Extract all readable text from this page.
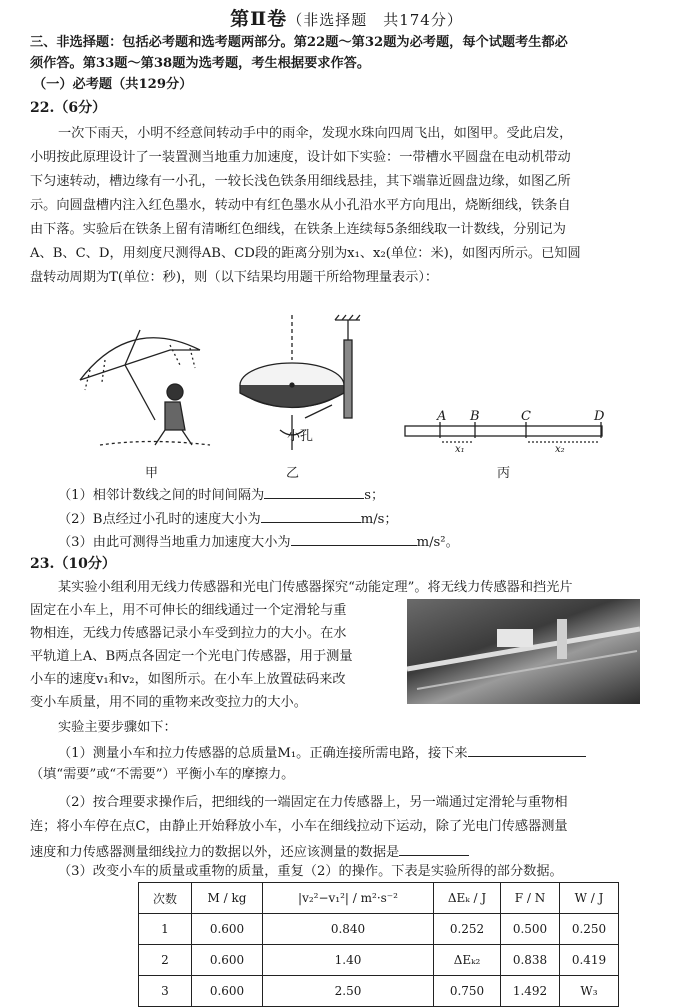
第Ⅱ卷（非选择题　共174分）
三、非选择题：包括必考题和选考题两部分。第22题～第32题为必考题，每个试题考生都必
须作答。第33题～第38题为选考题，考生根据要求作答。
（一）必考题（共129分）
22.（6分）
一次下雨天，小明不经意间转动手中的雨伞，发现水珠向四周飞出，如图甲。受此启发，
小明按此原理设计了一装置测当地重力加速度，设计如下实验：一带槽水平圆盘在电动机带动
下匀速转动，槽边缘有一小孔，一较长浅色铁条用细线悬挂，其下端靠近圆盘边缘，如图乙所
示。向圆盘槽内注入红色墨水，转动中有红色墨水从小孔沿水平方向甩出，烧断细线，铁条自
由下落。实验后在铁条上留有清晰红色细线，在铁条上连续每5条细线取一计数线，分别记为
A、B、C、D，用刻度尺测得AB、CD段的距离分别为x₁、x₂(单位：米)，如图丙所示。已知圆
盘转动周期为T(单位：秒)，则（以下结果均用题干所给物理量表示）：
小孔
A B	C	D
x₁	x₂
甲	乙	丙
（1）相邻计数线之间的时间间隔为	s；
（2）B点经过小孔时的速度大小为	m/s；
（3）由此可测得当地重力加速度大小为	m/s²。
23.（10分）
某实验小组利用无线力传感器和光电门传感器探究“动能定理”。将无线力传感器和挡光片
固定在小车上，用不可伸长的细线通过一个定滑轮与重
物相连，无线力传感器记录小车受到拉力的大小。在水
平轨道上A、B两点各固定一个光电门传感器，用于测量
小车的速度v₁和v₂，如图所示。在小车上放置砝码来改
变小车质量，用不同的重物来改变拉力的大小。
实验主要步骤如下：
（1）测量小车和拉力传感器的总质量M₁。正确连接所需电路，接下来
（填“需要”或“不需要”）平衡小车的摩擦力。
（2）按合理要求操作后，把细线的一端固定在力传感器上，另一端通过定滑轮与重物相
连；将小车停在点C，由静止开始释放小车，小车在细线拉动下运动，除了光电门传感器测量
速度和力传感器测量细线拉力的数据以外，还应该测量的数据是
（3）改变小车的质量或重物的质量，重复（2）的操作。下表是实验所得的部分数据。
次数	M / kg	|v₂²−v₁²| / m²·s⁻²	ΔEₖ / J	F / N	W / J
1	0.600	0.840	0.252	0.500	0.250
2	0.600	1.40	ΔEₖ₂	0.838	0.419
3	0.600	2.50	0.750	1.492	W₃
